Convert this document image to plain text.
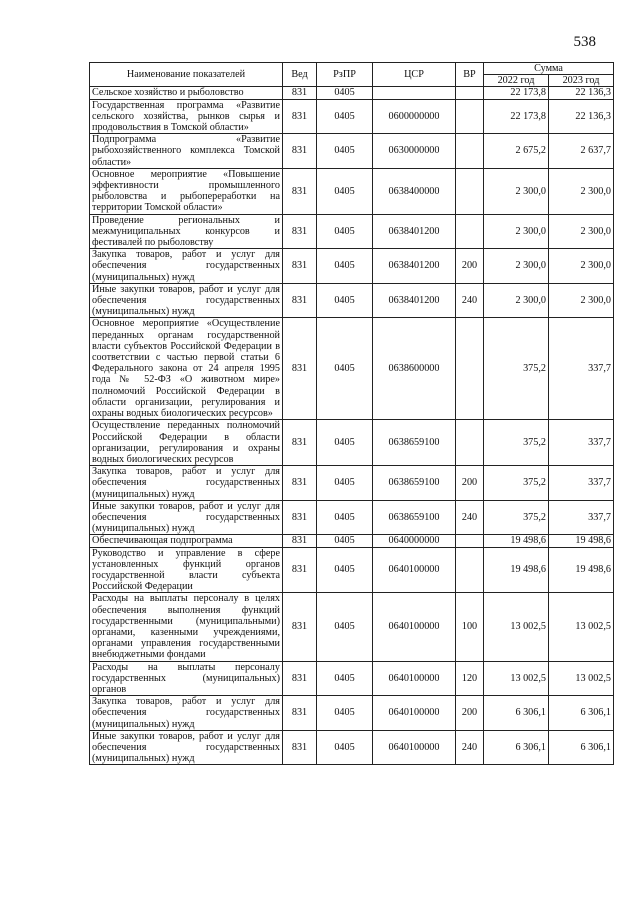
538
Наименование показателей	Вед	РзПР	ЦСР	ВР	Сумма	
					2022 год	2023 год
Сельское хозяйство и рыболовство	831	0405			22 173,8	22 136,3
Государственная программа «Развитие сельского хозяйства, рынков сырья и продовольствия в Томской области»	831	0405	0600000000		22 173,8	22 136,3
Подпрограмма «Развитие рыбохозяйственного комплекса Томской области»	831	0405	0630000000		2 675,2	2 637,7
Основное мероприятие «Повышение эффективности промышленного рыболовства и рыбопереработки на территории Томской области»	831	0405	0638400000		2 300,0	2 300,0
Проведение региональных и межмуниципальных конкурсов и фестивалей по рыболовству	831	0405	0638401200		2 300,0	2 300,0
Закупка товаров, работ и услуг для обеспечения государственных (муниципальных) нужд	831	0405	0638401200	200	2 300,0	2 300,0
Иные закупки товаров, работ и услуг для обеспечения государственных (муниципальных) нужд	831	0405	0638401200	240	2 300,0	2 300,0
Основное мероприятие «Осуществление переданных органам государственной власти субъектов Российской Федерации в соответствии с частью первой статьи 6 Федерального закона от 24 апреля 1995 года № 52-ФЗ «О животном мире» полномочий Российской Федерации в области организации, регулирования и охраны водных биологических ресурсов»	831	0405	0638600000		375,2	337,7
Осуществление переданных полномочий Российской Федерации в области организации, регулирования и охраны водных биологических ресурсов	831	0405	0638659100		375,2	337,7
Закупка товаров, работ и услуг для обеспечения государственных (муниципальных) нужд	831	0405	0638659100	200	375,2	337,7
Иные закупки товаров, работ и услуг для обеспечения государственных (муниципальных) нужд	831	0405	0638659100	240	375,2	337,7
Обеспечивающая подпрограмма	831	0405	0640000000		19 498,6	19 498,6
Руководство и управление в сфере установленных функций органов государственной власти субъекта Российской Федерации	831	0405	0640100000		19 498,6	19 498,6
Расходы на выплаты персоналу в целях обеспечения выполнения функций государственными (муниципальными) органами, казенными учреждениями, органами управления государственными внебюджетными фондами	831	0405	0640100000	100	13 002,5	13 002,5
Расходы на выплаты персоналу государственных (муниципальных) органов	831	0405	0640100000	120	13 002,5	13 002,5
Закупка товаров, работ и услуг для обеспечения государственных (муниципальных) нужд	831	0405	0640100000	200	6 306,1	6 306,1
Иные закупки товаров, работ и услуг для обеспечения государственных (муниципальных) нужд	831	0405	0640100000	240	6 306,1	6 306,1
